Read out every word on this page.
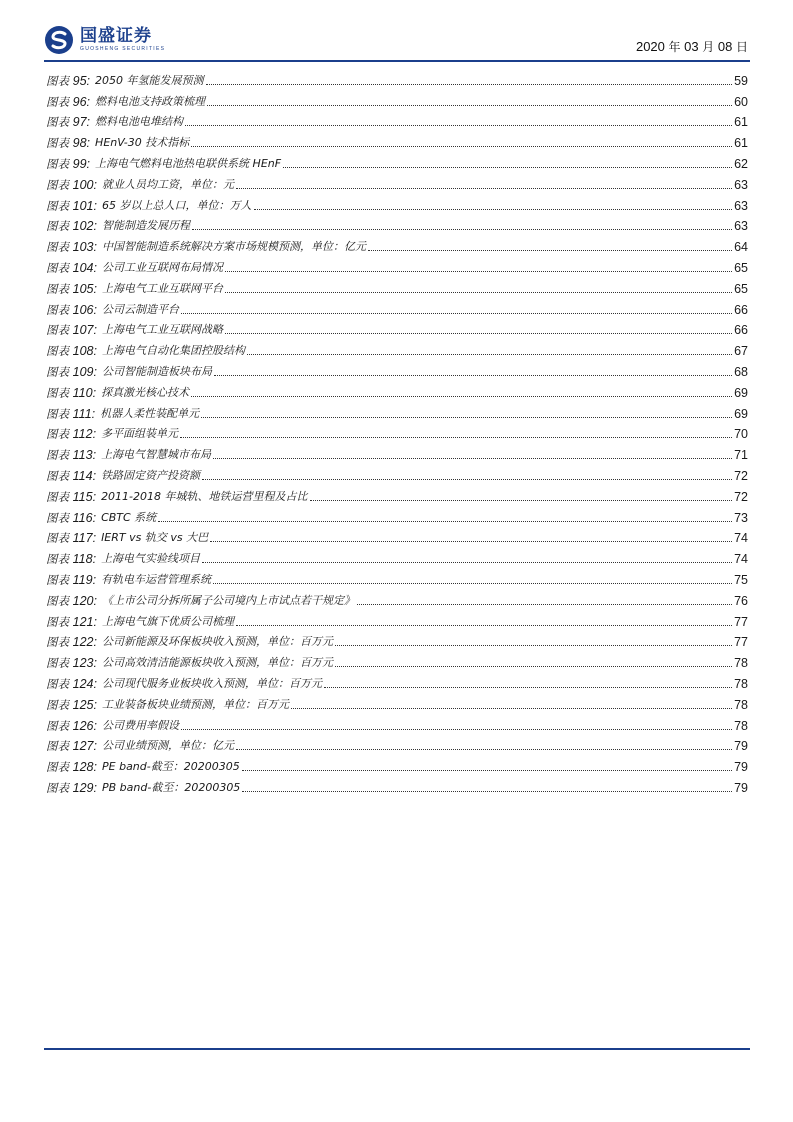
国盛证券
GUOSHENG SECURITIES	2020 年 03 月 08 日
图表 95: 2050 年氢能发展预测	59
图表 96: 燃料电池支持政策梳理	60
图表 97: 燃料电池电堆结构	61
图表 98: HEnV-30 技术指标	61
图表 99: 上海电气燃料电池热电联供系统 HEnF	62
图表 100: 就业人员均工资，单位：元	63
图表 101: 65 岁以上总人口，单位：万人	63
图表 102: 智能制造发展历程	63
图表 103: 中国智能制造系统解决方案市场规模预测，单位：亿元	64
图表 104: 公司工业互联网布局情况	65
图表 105: 上海电气工业互联网平台	65
图表 106: 公司云制造平台	66
图表 107: 上海电气工业互联网战略	66
图表 108: 上海电气自动化集团控股结构	67
图表 109: 公司智能制造板块布局	68
图表 110: 探真激光核心技术	69
图表 111: 机器人柔性装配单元	69
图表 112: 多平面组装单元	70
图表 113: 上海电气智慧城市布局	71
图表 114: 铁路固定资产投资额	72
图表 115: 2011-2018 年城轨、地铁运营里程及占比	72
图表 116: CBTC 系统	73
图表 117: IERT vs 轨交 vs 大巴	74
图表 118: 上海电气实验线项目	74
图表 119: 有轨电车运营管理系统	75
图表 120: 《上市公司分拆所属子公司境内上市试点若干规定》	76
图表 121: 上海电气旗下优质公司梳理	77
图表 122: 公司新能源及环保板块收入预测，单位：百万元	77
图表 123: 公司高效清洁能源板块收入预测，单位：百万元	78
图表 124: 公司现代服务业板块收入预测，单位：百万元	78
图表 125: 工业装备板块业绩预测，单位：百万元	78
图表 126: 公司费用率假设	78
图表 127: 公司业绩预测，单位：亿元	79
图表 128: PE band-截至：20200305	79
图表 129: PB band-截至：20200305	79
